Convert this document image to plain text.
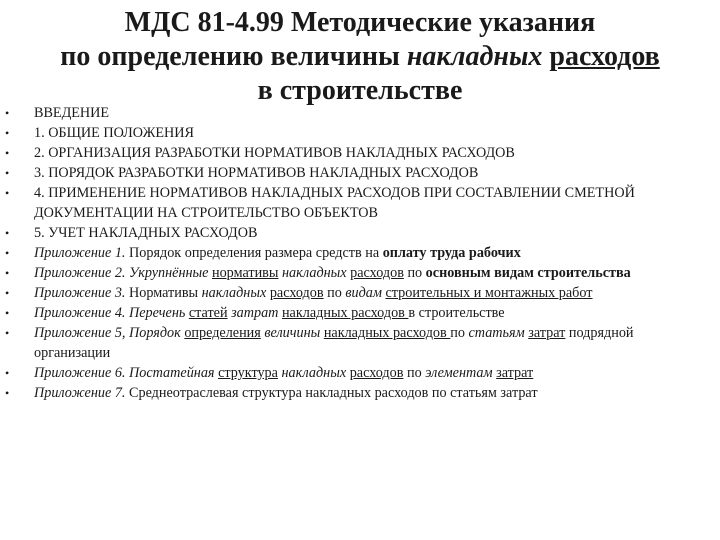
МДС 81-4.99 Методические указания
по определению величины накладных расходов
в строительстве
• ВВЕДЕНИЕ
• 1. ОБЩИЕ ПОЛОЖЕНИЯ
• 2. ОРГАНИЗАЦИЯ РАЗРАБОТКИ НОРМАТИВОВ НАКЛАДНЫХ РАСХОДОВ
• 3. ПОРЯДОК РАЗРАБОТКИ НОРМАТИВОВ НАКЛАДНЫХ РАСХОДОВ
• 4. ПРИМЕНЕНИЕ НОРМАТИВОВ НАКЛАДНЫХ РАСХОДОВ ПРИ СОСТАВЛЕНИИ СМЕТНОЙ ДОКУМЕНТАЦИИ НА СТРОИТЕЛЬСТВО ОБЪЕКТОВ
• 5. УЧЕТ НАКЛАДНЫХ РАСХОДОВ
• Приложение 1. Порядок определения размера средств на оплату труда рабочих
• Приложение 2. Укрупнённые нормативы накладных расходов по основным видам строительства
• Приложение 3. Нормативы накладных расходов по видам строительных и монтажных работ
• Приложение 4. Перечень статей затрат накладных расходов в строительстве
• Приложение 5, Порядок определения величины накладных расходов по статьям затрат подрядной организации
• Приложение 6. Постатейная структура накладных расходов по элементам затрат
• Приложение 7. Среднеотраслевая структура накладных расходов по статьям затрат
